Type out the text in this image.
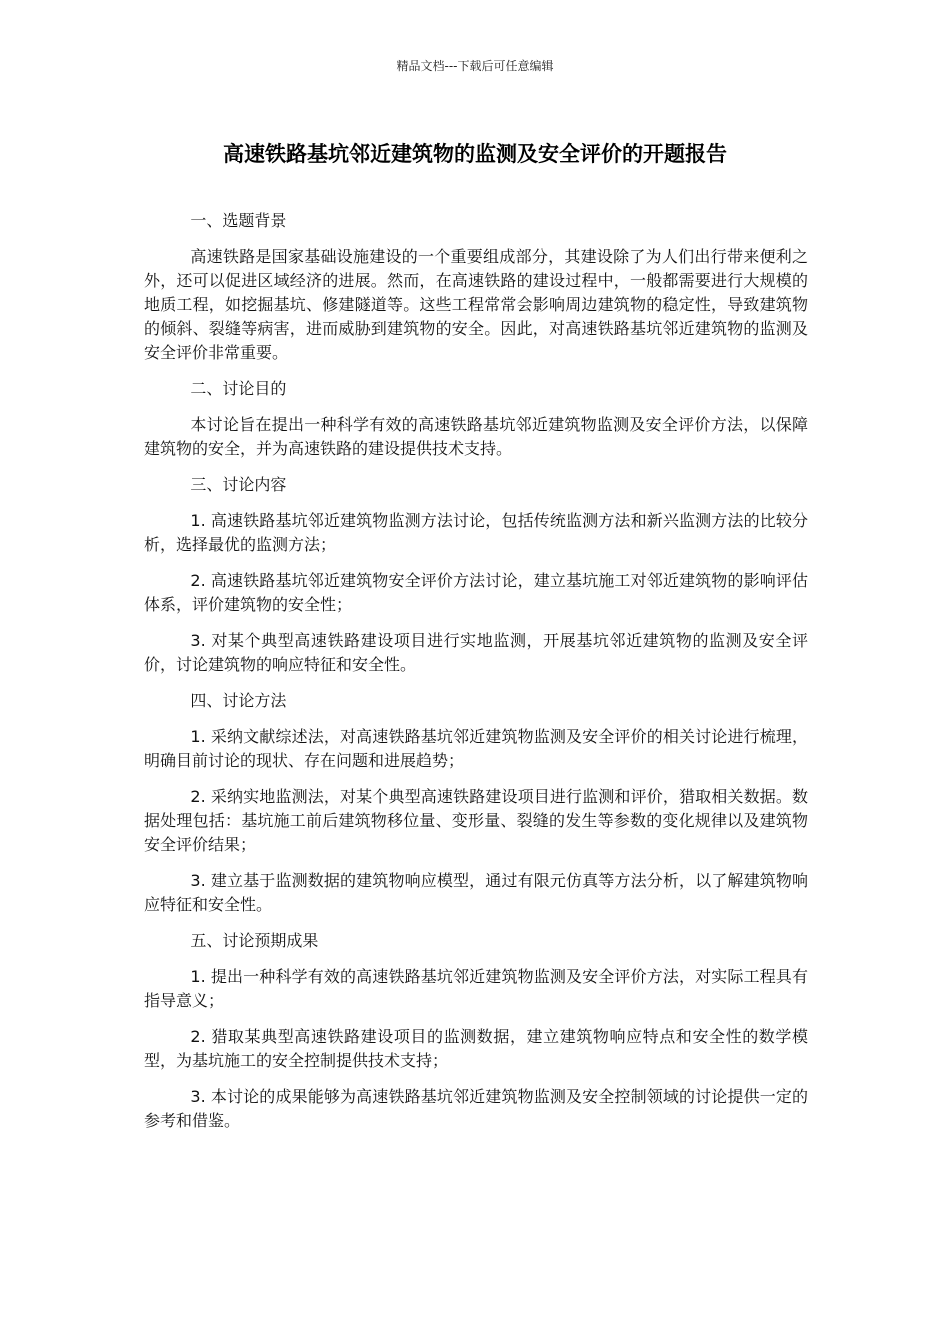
精品文档---下载后可任意编辑
高速铁路基坑邻近建筑物的监测及安全评价的开题报告

一、选题背景

高速铁路是国家基础设施建设的一个重要组成部分，其建设除了为人们出行带来便利之外，还可以促进区域经济的进展。然而，在高速铁路的建设过程中，一般都需要进行大规模的地质工程，如挖掘基坑、修建隧道等。这些工程常常会影响周边建筑物的稳定性，导致建筑物的倾斜、裂缝等病害，进而威胁到建筑物的安全。因此，对高速铁路基坑邻近建筑物的监测及安全评价非常重要。

二、讨论目的

本讨论旨在提出一种科学有效的高速铁路基坑邻近建筑物监测及安全评价方法，以保障建筑物的安全，并为高速铁路的建设提供技术支持。

三、讨论内容

1. 高速铁路基坑邻近建筑物监测方法讨论，包括传统监测方法和新兴监测方法的比较分析，选择最优的监测方法；

2. 高速铁路基坑邻近建筑物安全评价方法讨论，建立基坑施工对邻近建筑物的影响评估体系，评价建筑物的安全性；

3. 对某个典型高速铁路建设项目进行实地监测，开展基坑邻近建筑物的监测及安全评价，讨论建筑物的响应特征和安全性。

四、讨论方法

1. 采纳文献综述法，对高速铁路基坑邻近建筑物监测及安全评价的相关讨论进行梳理，明确目前讨论的现状、存在问题和进展趋势；

2. 采纳实地监测法，对某个典型高速铁路建设项目进行监测和评价，猎取相关数据。数据处理包括：基坑施工前后建筑物移位量、变形量、裂缝的发生等参数的变化规律以及建筑物安全评价结果；

3. 建立基于监测数据的建筑物响应模型，通过有限元仿真等方法分析，以了解建筑物响应特征和安全性。

五、讨论预期成果

1. 提出一种科学有效的高速铁路基坑邻近建筑物监测及安全评价方法，对实际工程具有指导意义；

2. 猎取某典型高速铁路建设项目的监测数据，建立建筑物响应特点和安全性的数学模型，为基坑施工的安全控制提供技术支持；

3. 本讨论的成果能够为高速铁路基坑邻近建筑物监测及安全控制领域的讨论提供一定的参考和借鉴。
